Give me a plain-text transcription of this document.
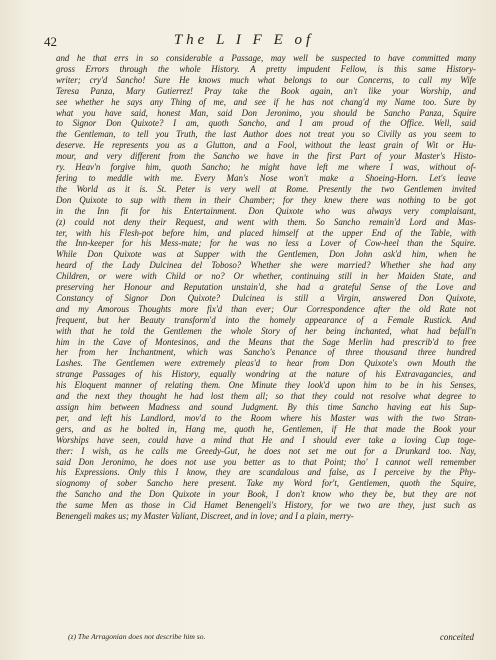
42	The L I F E of
and he that errs in so considerable a Passage, may well be suspected to have committed many
gross Errors through the whole History. A pretty impudent Fellow, is this same History-
writer; cry'd Sancho! Sure He knows much what belongs to our Concerns, to call my Wife
Teresa Panza, Mary Gutierrez! Pray take the Book again, an't like your Worship, and
see whether he says any Thing of me, and see if he has not chang'd my Name too. Sure by
what you have said, honest Man, said Don Jeronimo, you should be Sancho Panza, Squire
to Signor Don Quixote? I am, quoth Sancho, and I am proud of the Office. Well, said
the Gentleman, to tell you Truth, the last Author does not treat you so Civilly as you seem to
deserve. He represents you as a Glutton, and a Fool, without the least grain of Wit or Hu-
mour, and very different from the Sancho we have in the first Part of your Master's Histo-
ry. Heav'n forgive him, quoth Sancho; he might have left me where I was, without of-
fering to meddle with me. Every Man's Nose won't make a Shoeing-Horn. Let's leave
the World as it is. St. Peter is very well at Rome. Presently the two Gentlemen invited
Don Quixote to sup with them in their Chamber; for they knew there was nothing to be got
in the Inn fit for his Entertainment. Don Quixote who was always very complaisant,
(z) could not deny their Request, and went with them. So Sancho remain'd Lord and Mas-
ter, with his Flesh-pot before him, and placed himself at the upper End of the Table, with
the Inn-keeper for his Mess-mate; for he was no less a Lover of Cow-heel than the Squire.
While Don Quixote was at Supper with the Gentlemen, Don John ask'd him, when he
heard of the Lady Dulcinea del Toboso? Whether she were married? Whether she had any
Children, or were with Child or no? Or whether, continuing still in her Maiden State, and
preserving her Honour and Reputation unstain'd, she had a grateful Sense of the Love and
Constancy of Signor Don Quixote? Dulcinea is still a Virgin, answered Don Quixote,
and my Amorous Thoughts more fix'd than ever; Our Correspondence after the old Rate not
frequent, but her Beauty transform'd into the homely appearance of a Female Rustick. And
with that he told the Gentlemen the whole Story of her being inchanted, what had befall'n
him in the Cave of Montesinos, and the Means that the Sage Merlin had prescrib'd to free
her from her Inchantment, which was Sancho's Penance of three thousand three hundred
Lashes. The Gentlemen were extremely pleas'd to hear from Don Quixote's own Mouth the
strange Passages of his History, equally wondring at the nature of his Extravagancies, and
his Eloquent manner of relating them. One Minute they look'd upon him to be in his Senses,
and the next they thought he had lost them all; so that they could not resolve what degree to
assign him between Madness and sound Judgment. By this time Sancho having eat his Sup-
per, and left his Landlord, mov'd to the Room where his Master was with the two Stran-
gers, and as he bolted in, Hang me, quoth he, Gentlemen, if He that made the Book your
Worships have seen, could have a mind that He and I should ever take a loving Cup toge-
ther: I wish, as he calls me Greedy-Gut, he does not set me out for a Drunkard too. Nay,
said Don Jeronimo, he does not use you better as to that Point; tho' I cannot well remember
his Expressions. Only this I know, they are scandalous and false, as I perceive by the Phy-
siognomy of sober Sancho here present. Take my Word for't, Gentlemen, quoth the Squire,
the Sancho and the Don Quixote in your Book, I don't know who they be, but they are not
the same Men as those in Cid Hamet Benengeli's History, for we two are they, just such as
Benengeli makes us; my Master Valiant, Discreet, and in love; and I a plain, merry-
(z) The Arragonian does not describe him so.	conceited
